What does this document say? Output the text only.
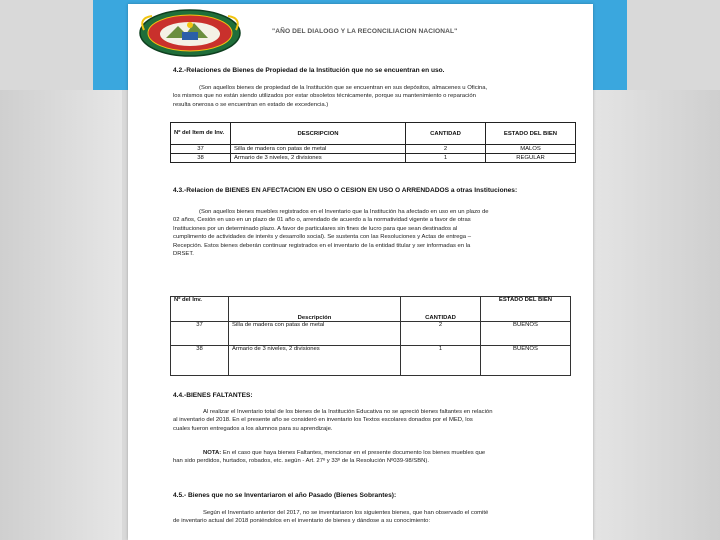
"AÑO DEL DIALOGO Y LA RECONCILIACION NACIONAL"
4.2.-Relaciones de Bienes de Propiedad de la Institución que no se encuentran en uso.
(Son aquellos bienes de propiedad de la Institución que se encuentran en sus depósitos, almacenes u Oficina,
los mismos que no están siendo utilizados por estar obsoletos técnicamente, porque su mantenimiento o reparación
resulta onerosa o se encuentran en estado de excedencia.)
Nº del Item de Inv.	DESCRIPCION	CANTIDAD	ESTADO DEL BIEN
37	Silla de madera con patas de metal	2	MALOS
38	Armario de 3 niveles, 2 divisiones	1	REGULAR
4.3.-Relacion de BIENES EN AFECTACION EN USO O CESION EN USO O ARRENDADOS a otras Instituciones:
(Son aquellos bienes muebles registrados en el Inventario que la Institución ha afectado en uso en un plazo de
02 años, Cesión en uso en un plazo de 01 año o, arrendado de acuerdo a la normatividad vigente a favor de otras
Instituciones por un determinado plazo. A favor de particulares sin fines de lucro para que sean destinados al
cumplimento de actividades de interés y desarrollo social). Se sustenta con las Resoluciones y Actas de entrega –
Recepción. Estos bienes deberán continuar registrados en el inventario de la entidad titular y ser informadas en la
DRSET.
Nº del Inv.	Descripción	CANTIDAD	ESTADO DEL BIEN
37	Silla de madera con patas de metal	2	BUENOS
38	Armario de 3 niveles, 2 divisiones	1	BUENOS
4.4.-BIENES FALTANTES:
Al realizar el Inventario total de los bienes de la Institución Educativa no se apreció bienes faltantes en relación
al inventario del 2018. En el presente año se consideró en inventario los Textos escolares donados por el MED, los
cuales fueron entregados a los alumnos para su aprendizaje.
NOTA: En el caso que haya bienes Faltantes, mencionar en el presente documento los bienes muebles que
han sido perdidos, hurtados, robados, etc. según - Art. 27º y 33º de la Resolución Nº039-98/SBN).
4.5.- Bienes que no se Inventariaron el año Pasado (Bienes Sobrantes):
Según el Inventario anterior del 2017, no se inventariaron los siguientes bienes, que han observado el comité
de inventario actual del 2018 poniéndolos en el inventario de bienes y dándose a su conocimiento:
